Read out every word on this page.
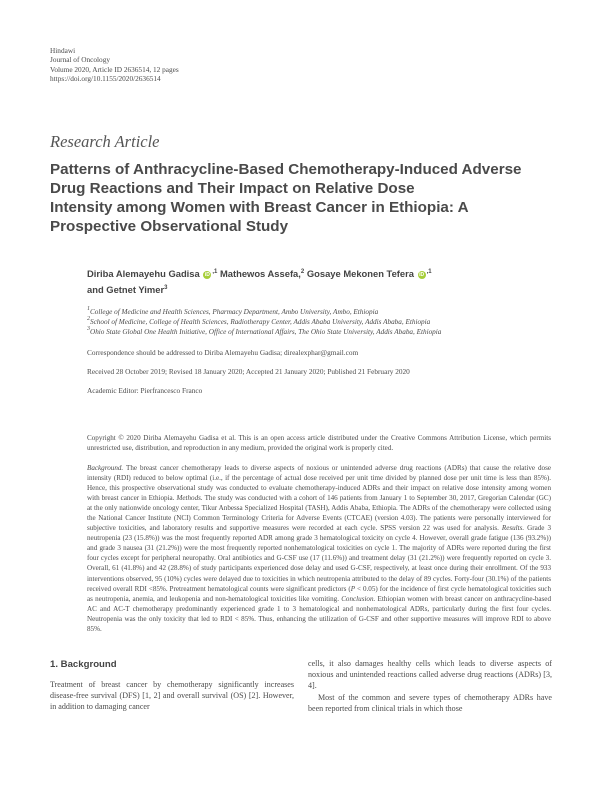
Hindawi
Journal of Oncology
Volume 2020, Article ID 2636514, 12 pages
https://doi.org/10.1155/2020/2636514
Research Article
Patterns of Anthracycline-Based Chemotherapy-Induced Adverse
Drug Reactions and Their Impact on Relative Dose
Intensity among Women with Breast Cancer in Ethiopia: A
Prospective Observational Study
Diriba Alemayehu Gadisa iD $^{,1}$ Mathewos Assefa,$^2$ Gosaye Mekonen Tefera iD $^{,1}$
and Getnet Yimer$^3$
$^1$College of Medicine and Health Sciences, Pharmacy Department, Ambo University, Ambo, Ethiopia
$^2$School of Medicine, College of Health Sciences, Radiotherapy Center, Addis Ababa University, Addis Ababa, Ethiopia
$^3$Ohio State Global One Health Initiative, Office of International Affairs, The Ohio State University, Addis Ababa, Ethiopia
Correspondence should be addressed to Diriba Alemayehu Gadisa; direalexphar@gmail.com
Received 28 October 2019; Revised 18 January 2020; Accepted 21 January 2020; Published 21 February 2020
Academic Editor: Pierfrancesco Franco
Copyright © 2020 Diriba Alemayehu Gadisa et al. This is an open access article distributed under the Creative Commons Attribution License, which permits unrestricted use, distribution, and reproduction in any medium, provided the original work is properly cited.
Background. The breast cancer chemotherapy leads to diverse aspects of noxious or unintended adverse drug reactions (ADRs) that cause the relative dose intensity (RDI) reduced to below optimal (i.e., if the percentage of actual dose received per unit time divided by planned dose per unit time is less than 85%). Hence, this prospective observational study was conducted to evaluate chemotherapy-induced ADRs and their impact on relative dose intensity among women with breast cancer in Ethiopia. Methods. The study was conducted with a cohort of 146 patients from January 1 to September 30, 2017, Gregorian Calendar (GC) at the only nationwide oncology center, Tikur Anbessa Specialized Hospital (TASH), Addis Ababa, Ethiopia. The ADRs of the chemotherapy were collected using the National Cancer Institute (NCI) Common Terminology Criteria for Adverse Events (CTCAE) (version 4.03). The patients were personally interviewed for subjective toxicities, and laboratory results and supportive measures were recorded at each cycle. SPSS version 22 was used for analysis. Results. Grade 3 neutropenia (23 (15.8%)) was the most frequently reported ADR among grade 3 hematological toxicity on cycle 4. However, overall grade fatigue (136 (93.2%)) and grade 3 nausea (31 (21.2%)) were the most frequently reported nonhematological toxicities on cycle 1. The majority of ADRs were reported during the first four cycles except for peripheral neuropathy. Oral antibiotics and G-CSF use (17 (11.6%)) and treatment delay (31 (21.2%)) were frequently reported on cycle 3. Overall, 61 (41.8%) and 42 (28.8%) of study participants experienced dose delay and used G-CSF, respectively, at least once during their enrollment. Of the 933 interventions observed, 95 (10%) cycles were delayed due to toxicities in which neutropenia attributed to the delay of 89 cycles. Forty-four (30.1%) of the patients received overall RDI <85%. Pretreatment hematological counts were significant predictors (P < 0.05) for the incidence of first cycle hematological toxicities such as neutropenia, anemia, and leukopenia and non-hematological toxicities like vomiting. Conclusion. Ethiopian women with breast cancer on anthracycline-based AC and AC-T chemotherapy predominantly experienced grade 1 to 3 hematological and nonhematological ADRs, particularly during the first four cycles. Neutropenia was the only toxicity that led to RDI < 85%. Thus, enhancing the utilization of G-CSF and other supportive measures will improve RDI to above 85%.
1. Background
Treatment of breast cancer by chemotherapy significantly increases disease-free survival (DFS) [1, 2] and overall survival (OS) [2]. However, in addition to damaging cancer
cells, it also damages healthy cells which leads to diverse aspects of noxious and unintended reactions called adverse drug reactions (ADRs) [3, 4].
Most of the common and severe types of chemotherapy ADRs have been reported from clinical trials in which those
